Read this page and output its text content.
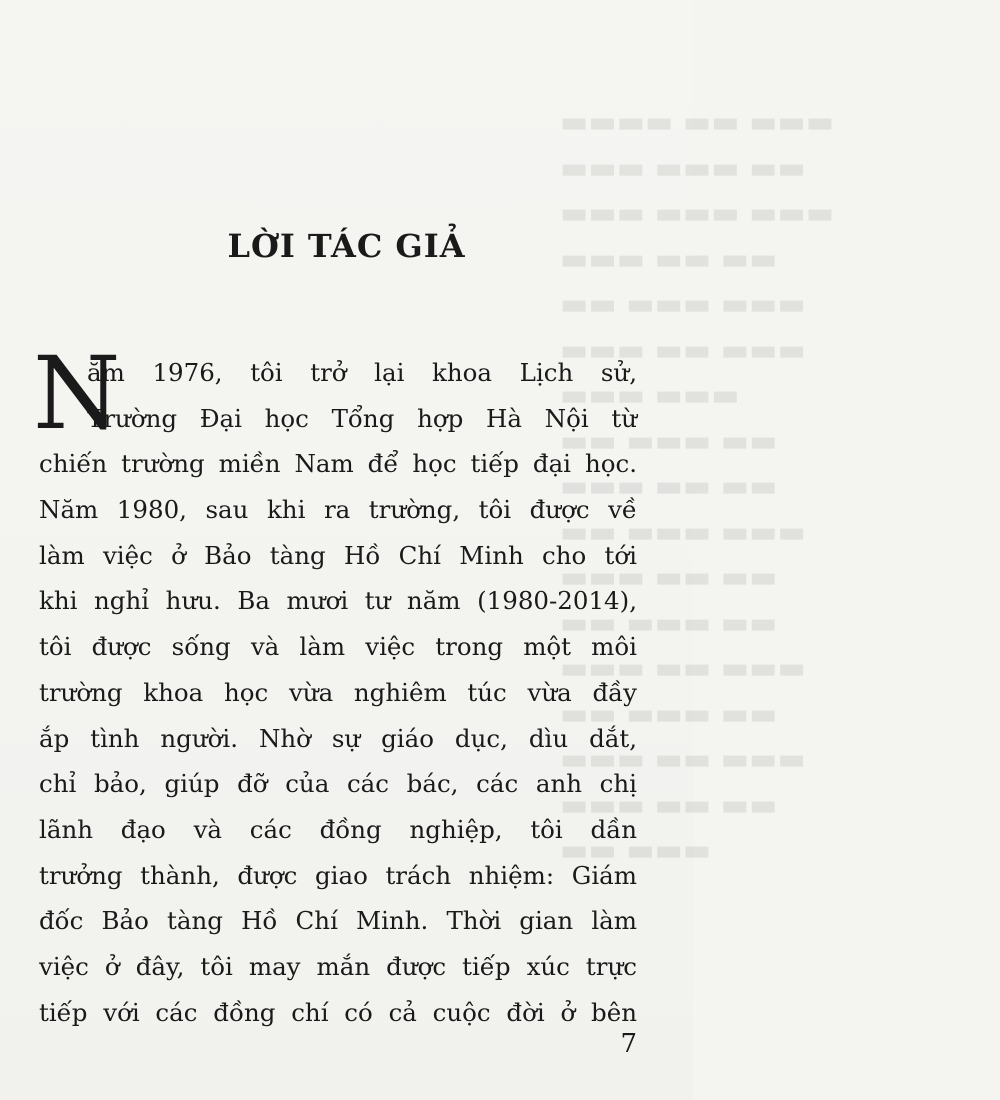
▬▬▬▬ ▬▬ ▬▬▬
▬▬▬ ▬▬▬ ▬▬
▬▬▬ ▬▬▬ ▬▬▬
▬▬▬ ▬▬ ▬▬
▬▬ ▬▬▬ ▬▬▬
▬▬▬ ▬▬ ▬▬▬
▬▬▬ ▬▬▬
▬▬ ▬▬▬ ▬▬
▬▬▬ ▬▬ ▬▬
▬▬ ▬▬▬ ▬▬▬
▬▬▬ ▬▬ ▬▬
▬▬ ▬▬▬ ▬▬
▬▬▬ ▬▬ ▬▬▬
▬▬ ▬▬▬ ▬▬
▬▬▬ ▬▬ ▬▬▬
▬▬▬ ▬▬ ▬▬
▬▬ ▬▬▬
LỜI TÁC GIẢ
N
ăm 1976, tôi trở lại khoa Lịch sử,
Trường Đại học Tổng hợp Hà Nội từ
chiến trường miền Nam để học tiếp đại học.
Năm 1980, sau khi ra trường, tôi được về
làm việc ở Bảo tàng Hồ Chí Minh cho tới
khi nghỉ hưu. Ba mươi tư năm (1980-2014),
tôi được sống và làm việc trong một môi
trường khoa học vừa nghiêm túc vừa đầy
ắp tình người. Nhờ sự giáo dục, dìu dắt,
chỉ bảo, giúp đỡ của các bác, các anh chị
lãnh đạo và các đồng nghiệp, tôi dần
trưởng thành, được giao trách nhiệm: Giám
đốc Bảo tàng Hồ Chí Minh. Thời gian làm
việc ở đây, tôi may mắn được tiếp xúc trực
tiếp với các đồng chí có cả cuộc đời ở bên
7
